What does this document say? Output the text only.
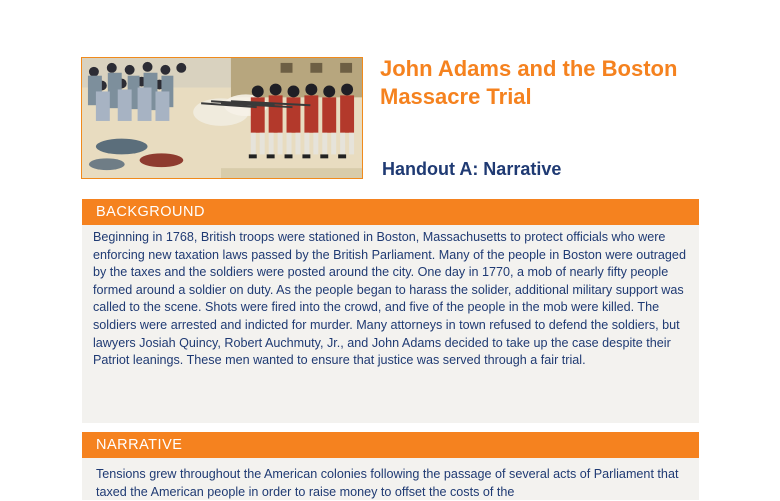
John Adams and the Boston Massacre Trial
Handout A: Narrative
BACKGROUND

Beginning in 1768, British troops were stationed in Boston, Massachusetts to protect officials who were enforcing new taxation laws passed by the British Parliament. Many of the people in Boston were outraged by the taxes and the soldiers were posted around the city. One day in 1770, a mob of nearly fifty people formed around a soldier on duty. As the people began to harass the solider, additional military support was called to the scene. Shots were fired into the crowd, and five of the people in the mob were killed. The soldiers were arrested and indicted for murder. Many attorneys in town refused to defend the soldiers, but lawyers Josiah Quincy, Robert Auchmuty, Jr., and John Adams decided to take up the case despite their Patriot leanings. These men wanted to ensure that justice was served through a fair trial.

NARRATIVE

Tensions grew throughout the American colonies following the passage of several acts of Parliament that taxed the American people in order to raise money to offset the costs of the
